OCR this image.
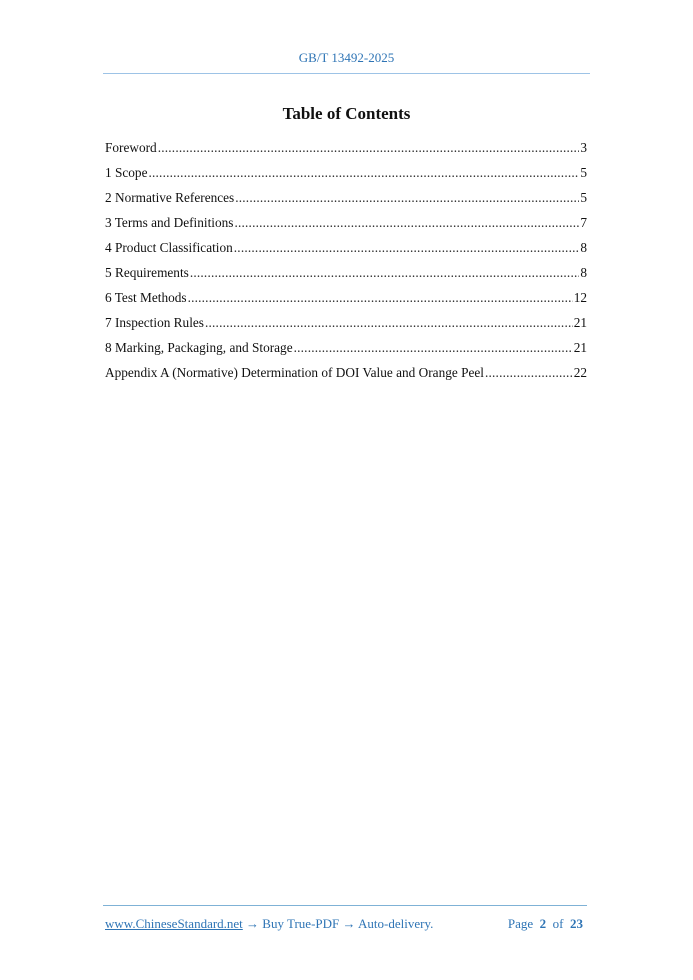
GB/T 13492-2025
Table of Contents
Foreword .....	3
1 Scope .....	5
2 Normative References .....	5
3 Terms and Definitions .....	7
4 Product Classification .....	8
5 Requirements .....	8
6 Test Methods .....	12
7 Inspection Rules .....	21
8 Marking, Packaging, and Storage .....	21
Appendix A (Normative) Determination of DOI Value and Orange Peel .....	22
www.ChineseStandard.net → Buy True-PDF → Auto-delivery.	Page 2 of 23
